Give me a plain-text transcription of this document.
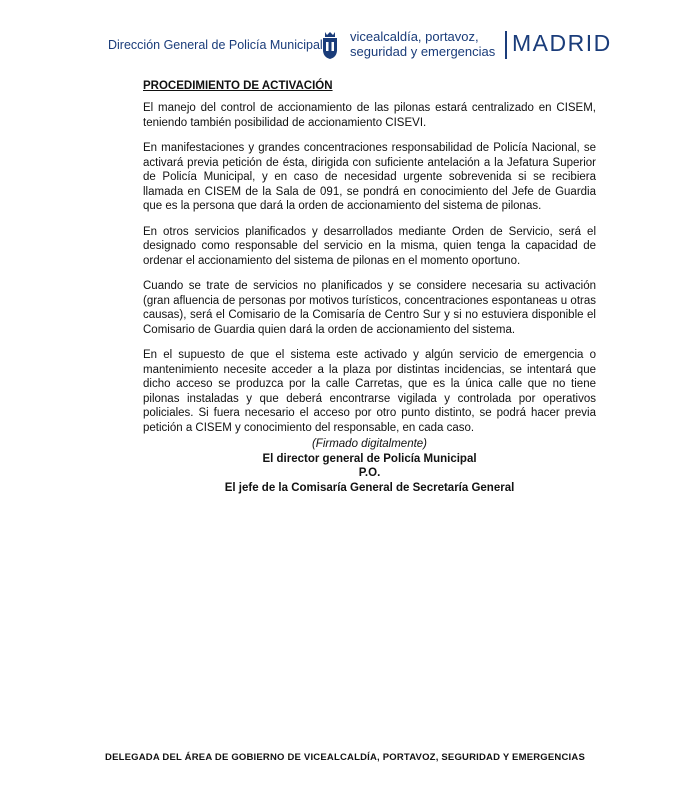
Dirección General de Policía Municipal
vicealcaldía, portavoz,
seguridad y emergencias MADRID
PROCEDIMIENTO DE ACTIVACIÓN

El manejo del control de accionamiento de las pilonas estará centralizado en CISEM, teniendo también posibilidad de accionamiento CISEVI.

En manifestaciones y grandes concentraciones responsabilidad de Policía Nacional, se activará previa petición de ésta, dirigida con suficiente antelación a la Jefatura Superior de Policía Municipal, y en caso de necesidad urgente sobrevenida si se recibiera llamada en CISEM de la Sala de 091, se pondrá en conocimiento del Jefe de Guardia que es la persona que dará la orden de accionamiento del sistema de pilonas.

En otros servicios planificados y desarrollados mediante Orden de Servicio, será el designado como responsable del servicio en la misma, quien tenga la capacidad de ordenar el accionamiento del sistema de pilonas en el momento oportuno.

Cuando se trate de servicios no planificados y se considere necesaria su activación (gran afluencia de personas por motivos turísticos, concentraciones espontaneas u otras causas), será el Comisario de la Comisaría de Centro Sur y si no estuviera disponible el Comisario de Guardia quien dará la orden de accionamiento del sistema.

En el supuesto de que el sistema este activado y algún servicio de emergencia o mantenimiento necesite acceder a la plaza por distintas incidencias, se intentará que dicho acceso se produzca por la calle Carretas, que es la única calle que no tiene pilonas instaladas y que deberá encontrarse vigilada y controlada por operativos policiales. Si fuera necesario el acceso por otro punto distinto, se podrá hacer previa petición a CISEM y conocimiento del responsable, en cada caso.

(Firmado digitalmente)
El director general de Policía Municipal
P.O.
El jefe de la Comisaría General de Secretaría General
DELEGADA DEL ÁREA DE GOBIERNO DE VICEALCALDÍA, PORTAVOZ, SEGURIDAD Y EMERGENCIAS
